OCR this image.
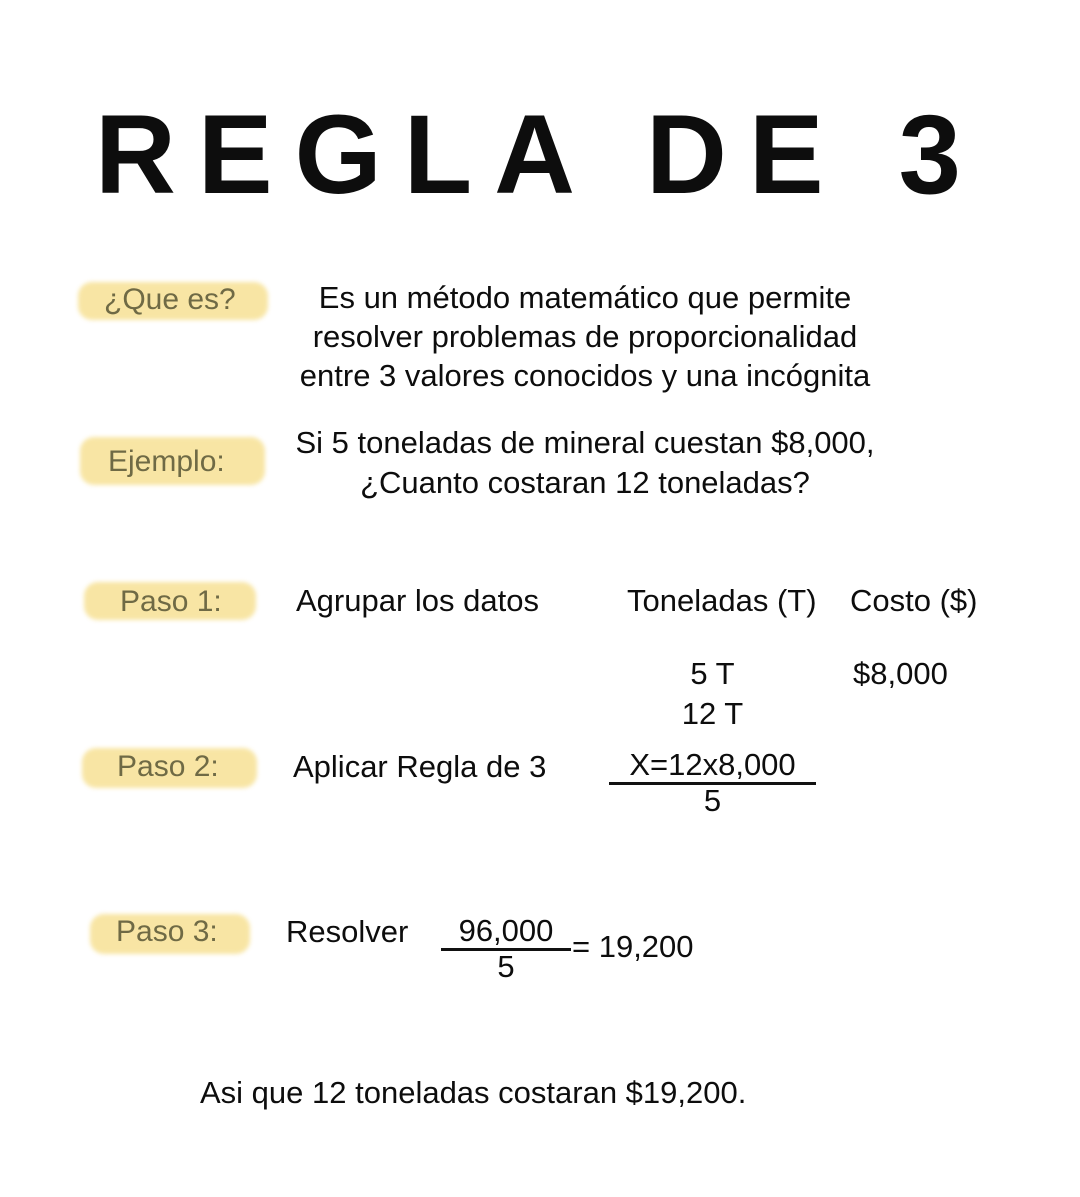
REGLA DE 3
¿Que es?	Es un método matemático que permite
resolver problemas de proporcionalidad
entre 3 valores conocidos y una incógnita
Ejemplo:
Si 5 toneladas de mineral cuestan $8,000,
¿Cuanto costaran 12 toneladas?
Paso 1: Agrupar los datos	Toneladas (T) Costo ($)
5 T	$8,000
12 T
Paso 2: Aplicar Regla de $3 \frac{X=12x8,000}{5}$
Paso 3: Resolver $\frac{96,000}{5} = 19,200$
Asi que 12 toneladas costaran $19,200.
